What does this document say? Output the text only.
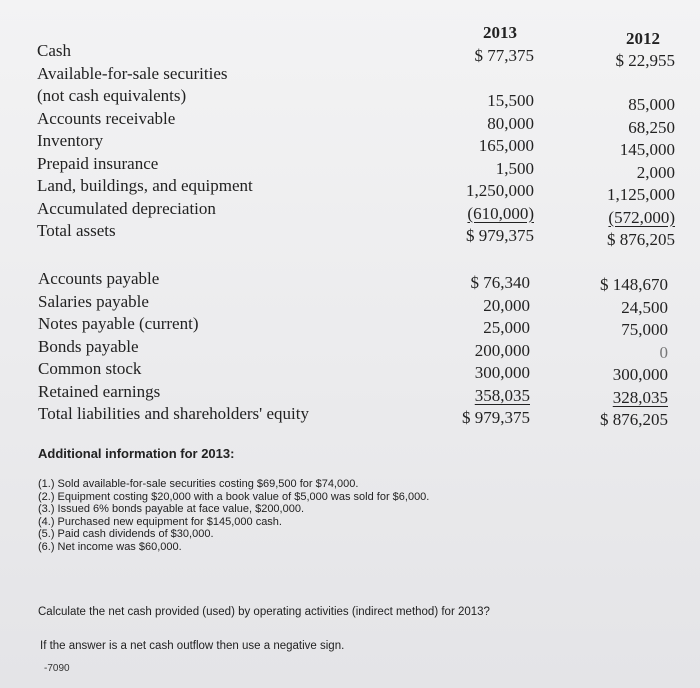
2013	2012
Cash
Available-for-sale securities
(not cash equivalents)
Accounts receivable
Inventory
Prepaid insurance
Land, buildings, and equipment
Accumulated depreciation
Total assets
$ 77,375
15,500
80,000
165,000
1,500
1,250,000
(610,000)
$ 979,375
$ 22,955
85,000
68,250
145,000
2,000
1,125,000
(572,000)
$ 876,205
Accounts payable
Salaries payable
Notes payable (current)
Bonds payable
Common stock
Retained earnings
Total liabilities and shareholders' equity
$ 76,340
20,000
25,000
200,000
300,000
358,035
$ 979,375
$ 148,670
24,500
75,000
0
300,000
328,035
$ 876,205
Additional information for 2013:
(1.) Sold available-for-sale securities costing $69,500 for $74,000.
(2.) Equipment costing $20,000 with a book value of $5,000 was sold for $6,000.
(3.) Issued 6% bonds payable at face value, $200,000.
(4.) Purchased new equipment for $145,000 cash.
(5.) Paid cash dividends of $30,000.
(6.) Net income was $60,000.
Calculate the net cash provided (used) by operating activities (indirect method) for 2013?
If the answer is a net cash outflow then use a negative sign.
-7090
